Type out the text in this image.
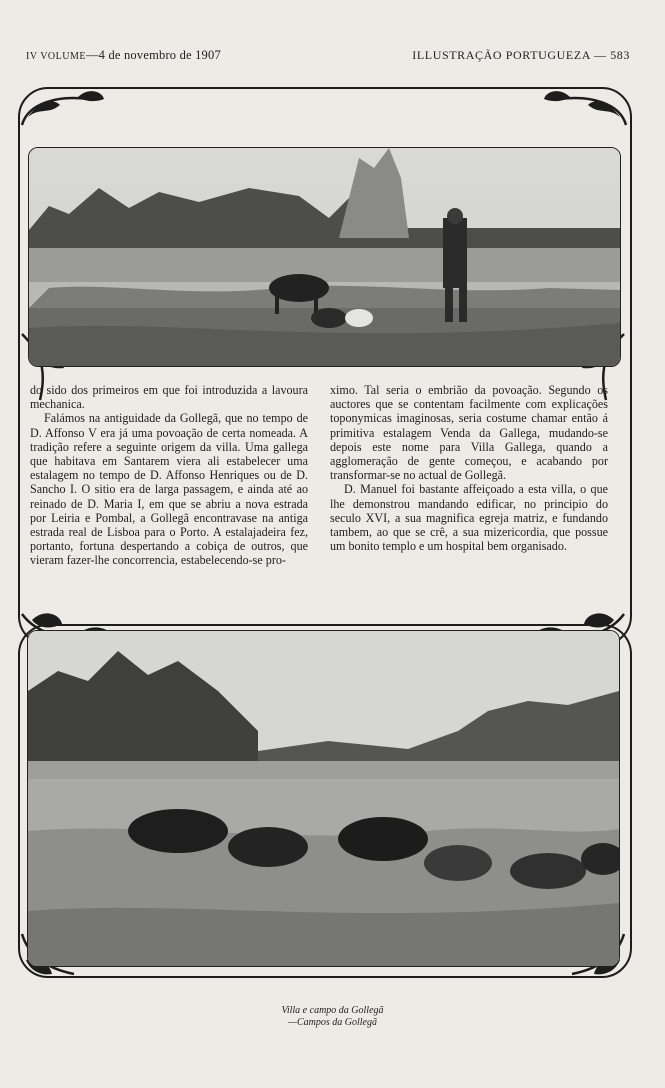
IV VOLUME—4 de novembro de 1907	ILLUSTRAÇÃO PORTUGUEZA — 583

do sido dos primeiros em que foi introduzida a lavoura mechanica.

Falámos na antiguidade da Gollegã, que no tempo de D. Affonso V era já uma povoação de certa nomeada. A tradição refere a seguinte origem da villa. Uma gallega que habitava em Santarem viera ali estabelecer uma estalagem no tempo de D. Affonso Henriques ou de D. Sancho I. O sitio era de larga passagem, e ainda até ao reinado de D. Maria I, em que se abriu a nova estrada por Leiria e Pombal, a Gollegã encontravase na antiga estrada real de Lisboa para o Porto. A estalajadeira fez, portanto, fortuna despertando a cobiça de outros, que vieram fazer-lhe concorrencia, estabelecendo-se pro-

ximo. Tal seria o embrião da povoação. Segundo os auctores que se contentam facilmente com explicações toponymicas imaginosas, seria costume chamar então á primitiva estalagem Venda da Gallega, mudando-se depois este nome para Villa Gallega, quando a agglomeração de gente começou, e acabando por transformar-se no actual de Gollegã.

D. Manuel foi bastante affeiçoado a esta villa, o que lhe demonstrou mandando edificar, no principio do seculo XVI, a sua magnifica egreja matriz, e fundando tambem, ao que se crê, a sua mizericordia, que possue um bonito templo e um hospital bem organisado.

Villa e campo da Gollegã
—Campos da Gollegã
